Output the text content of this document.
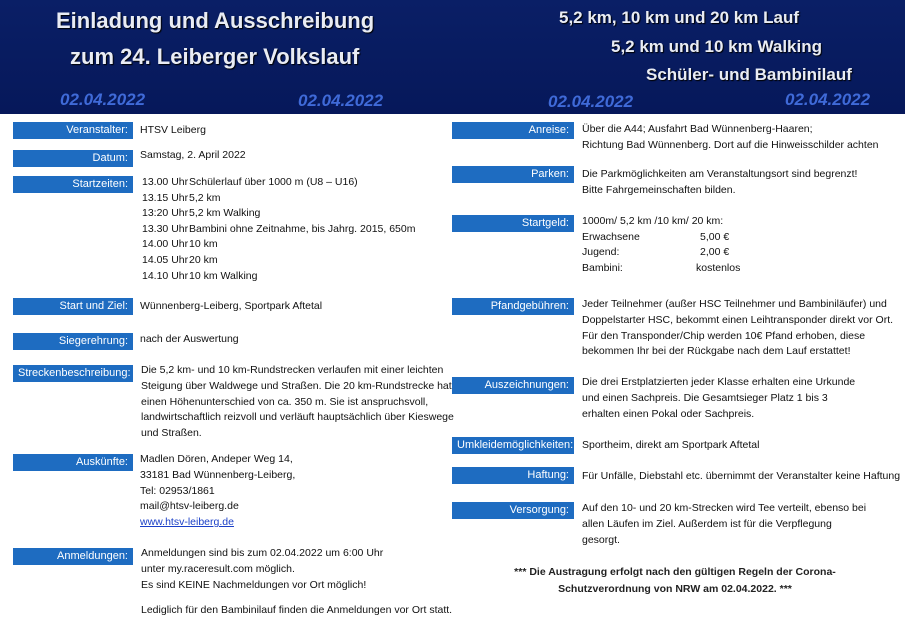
Einladung und Ausschreibung
zum 24. Leiberger Volkslauf
5,2 km, 10 km und 20 km Lauf
5,2 km und 10 km Walking
Schüler- und Bambinilauf
02.04.2022	02.04.2022	02.04.2022	02.04.2022
Veranstalter:	HTSV Leiberg
Datum:	Samstag, 2. April 2022
Startzeiten:	13.00 Uhr Schülerlauf über 1000 m (U8 – U16)
13.15 Uhr 5,2 km
13:20 Uhr 5,2 km Walking
13.30 Uhr Bambini ohne Zeitnahme, bis Jahrg. 2015, 650m
14.00 Uhr 10 km
14.05 Uhr 20 km
14.10 Uhr 10 km Walking
Start und Ziel:	Wünnenberg-Leiberg, Sportpark Aftetal
Siegerehrung:	nach der Auswertung
Streckenbeschreibung: Die 5,2 km- und 10 km-Rundstrecken verlaufen mit einer leichten
Steigung über Waldwege und Straßen. Die 20 km-Rundstrecke hat
einen Höhenunterschied von ca. 350 m. Sie ist anspruchsvoll,
landwirtschaftlich reizvoll und verläuft hauptsächlich über Kieswege
und Straßen.
Auskünfte:	Madlen Dören, Andeper Weg 14,
33181 Bad Wünnenberg-Leiberg,
Tel: 02953/1861
mail@htsv-leiberg.de
www.htsv-leiberg.de
Anmeldungen:	Anmeldungen sind bis zum 02.04.2022 um 6:00 Uhr
unter my.raceresult.com möglich.
Es sind KEINE Nachmeldungen vor Ort möglich!
Lediglich für den Bambinilauf finden die Anmeldungen vor Ort statt.
Anreise:	Über die A44; Ausfahrt Bad Wünnenberg-Haaren;
Richtung Bad Wünnenberg. Dort auf die Hinweisschilder achten
Parken:	Die Parkmöglichkeiten am Veranstaltungsort sind begrenzt!
Bitte Fahrgemeinschaften bilden.
Startgeld:	1000m/ 5,2 km /10 km/ 20 km:
Erwachsene	5,00 €
Jugend:	2,00 €
Bambini:	kostenlos
Pfandgebühren:	Jeder Teilnehmer (außer HSC Teilnehmer und Bambiniläufer) und
Doppelstarter HSC, bekommt einen Leihtransponder direkt vor Ort.
Für den Transponder/Chip werden 10€ Pfand erhoben, diese
bekommen Ihr bei der Rückgabe nach dem Lauf erstattet!
Auszeichnungen:	Die drei Erstplatzierten jeder Klasse erhalten eine Urkunde
und einen Sachpreis. Die Gesamtsieger Platz 1 bis 3
erhalten einen Pokal oder Sachpreis.
Umkleidemöglichkeiten: Sportheim, direkt am Sportpark Aftetal
Haftung:	Für Unfälle, Diebstahl etc. übernimmt der Veranstalter keine Haftung
Versorgung:	Auf den 10- und 20 km-Strecken wird Tee verteilt, ebenso bei
allen Läufen im Ziel. Außerdem ist für die Verpflegung
gesorgt.
*** Die Austragung erfolgt nach den gültigen Regeln der Corona-
Schutzverordnung von NRW am 02.04.2022. ***
